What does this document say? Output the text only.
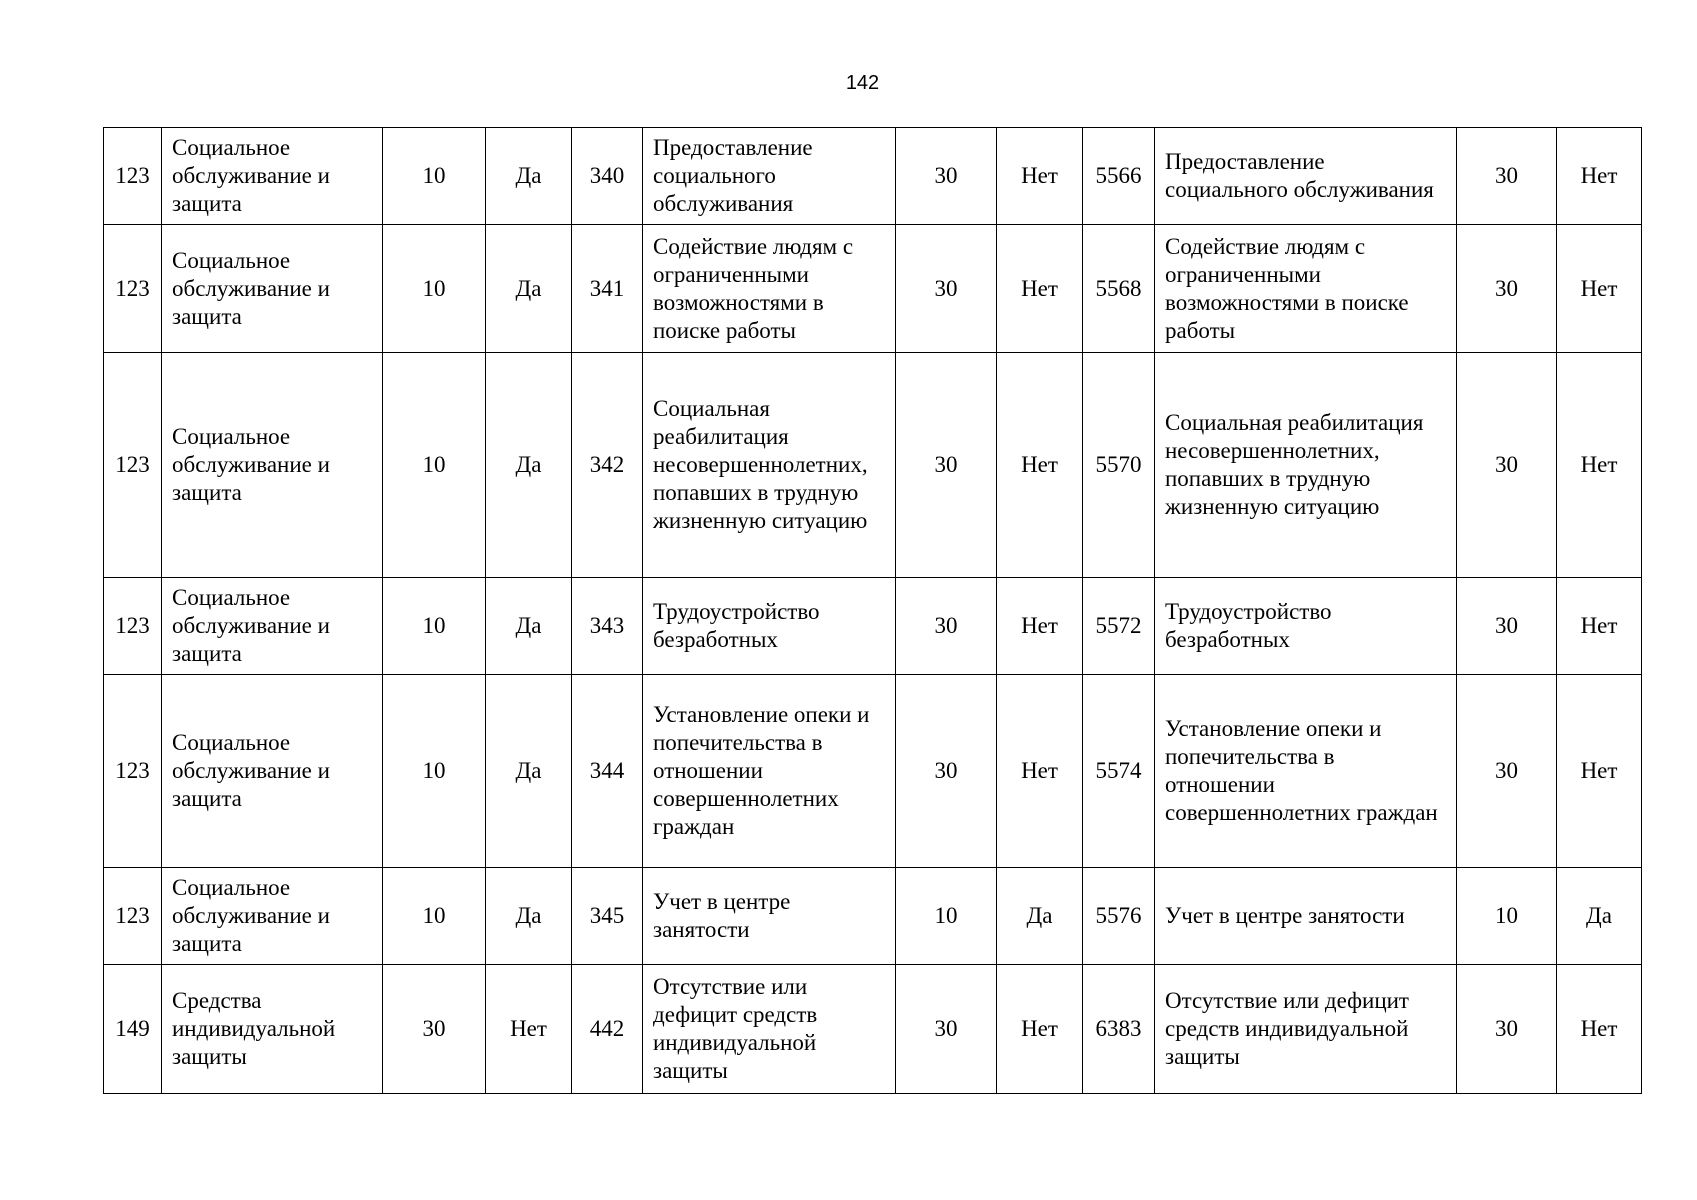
142
123	Социальное обслуживание и защита	10	Да	340	Предоставление социального обслуживания	30	Нет	5566	Предоставление социального обслуживания	30	Нет
123	Социальное обслуживание и защита	10	Да	341	Содействие людям с ограниченными возможностями в поиске работы	30	Нет	5568	Содействие людям с ограниченными возможностями в поиске работы	30	Нет
123	Социальное обслуживание и защита	10	Да	342	Социальная реабилитация несовершеннолетних, попавших в трудную жизненную ситуацию	30	Нет	5570	Социальная реабилитация несовершеннолетних, попавших в трудную жизненную ситуацию	30	Нет
123	Социальное обслуживание и защита	10	Да	343	Трудоустройство безработных	30	Нет	5572	Трудоустройство безработных	30	Нет
123	Социальное обслуживание и защита	10	Да	344	Установление опеки и попечительства в отношении совершеннолетних граждан	30	Нет	5574	Установление опеки и попечительства в отношении совершеннолетних граждан	30	Нет
123	Социальное обслуживание и защита	10	Да	345	Учет в центре занятости	10	Да	5576	Учет в центре занятости	10	Да
149	Средства индивидуальной защиты	30	Нет	442	Отсутствие или дефицит средств индивидуальной защиты	30	Нет	6383	Отсутствие или дефицит средств индивидуальной защиты	30	Нет
